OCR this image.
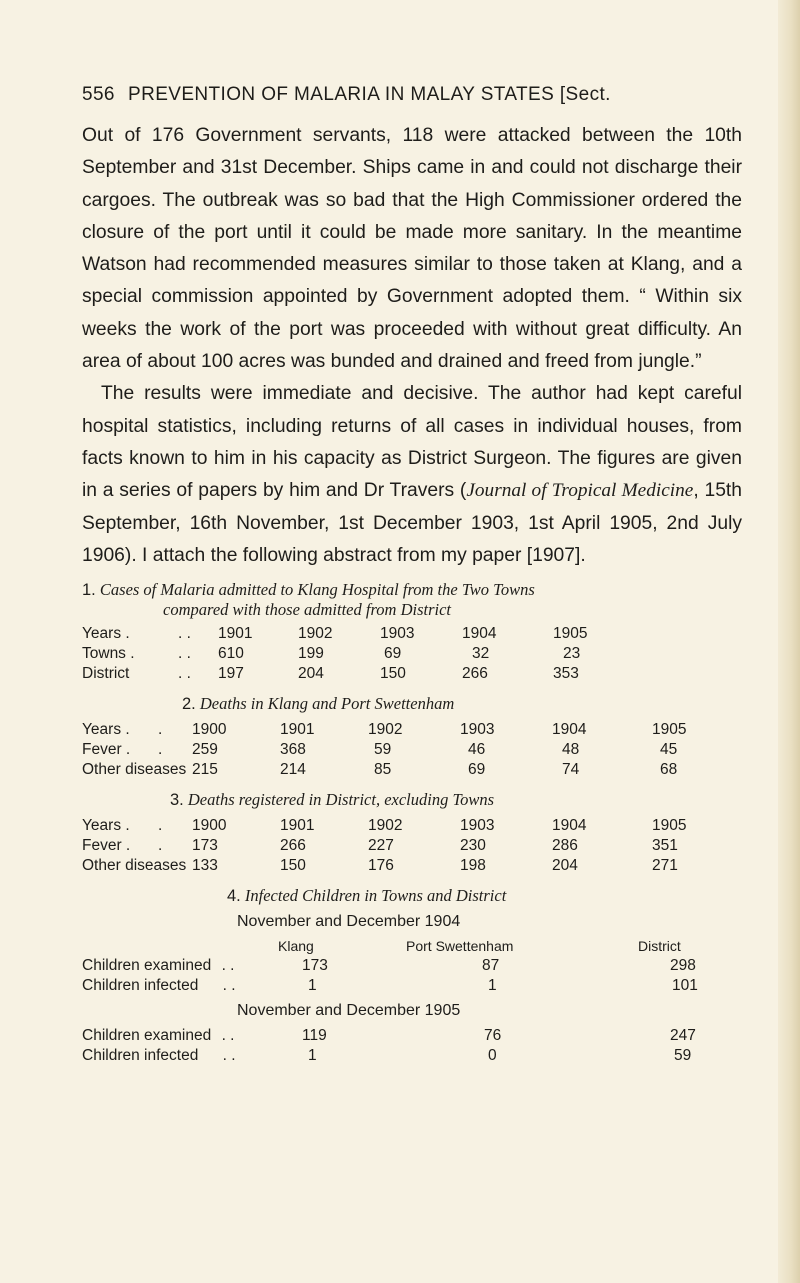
556 PREVENTION OF MALARIA IN MALAY STATES [Sect.

Out of 176 Government servants, 118 were attacked between the 10th September and 31st December. Ships came in and could not discharge their cargoes. The outbreak was so bad that the High Commissioner ordered the closure of the port until it could be made more sanitary. In the meantime Watson had recommended measures similar to those taken at Klang, and a special commission appointed by Government adopted them. “ Within six weeks the work of the port was proceeded with without great difficulty. An area of about 100 acres was bunded and drained and freed from jungle.”

The results were immediate and decisive. The author had kept careful hospital statistics, including returns of all cases in individual houses, from facts known to him in his capacity as District Surgeon. The figures are given in a series of papers by him and Dr Travers (Journal of Tropical Medicine, 15th September, 16th November, 1st December 1903, 1st April 1905, 2nd July 1906). I attach the following abstract from my paper [1907].

1. Cases of Malaria admitted to Klang Hospital from the Two Towns
compared with those admitted from District
Years .	. .	1901	1902	1903	1904	1905
Towns .	. .	610	199	69	32	23
District	. .	197	204	150	266	353
2. Deaths in Klang and Port Swettenham
Years .	.	1900	1901	1902	1903	1904	1905
Fever .	.	259	368	59	46	48	45
Other diseases		215	214	85	69	74	68
3. Deaths registered in District, excluding Towns
Years .	.	1900	1901	1902	1903	1904	1905
Fever .	.	173	266	227	230	286	351
Other diseases		133	150	176	198	204	271
4. Infected Children in Towns and District
November and December 1904
	Klang		Port Swettenham	District
Children examined . .	173		87	298
Children infected . .	1		1	101
November and December 1905				
Children examined . .	119		76	247
Children infected . .	1		0	59
